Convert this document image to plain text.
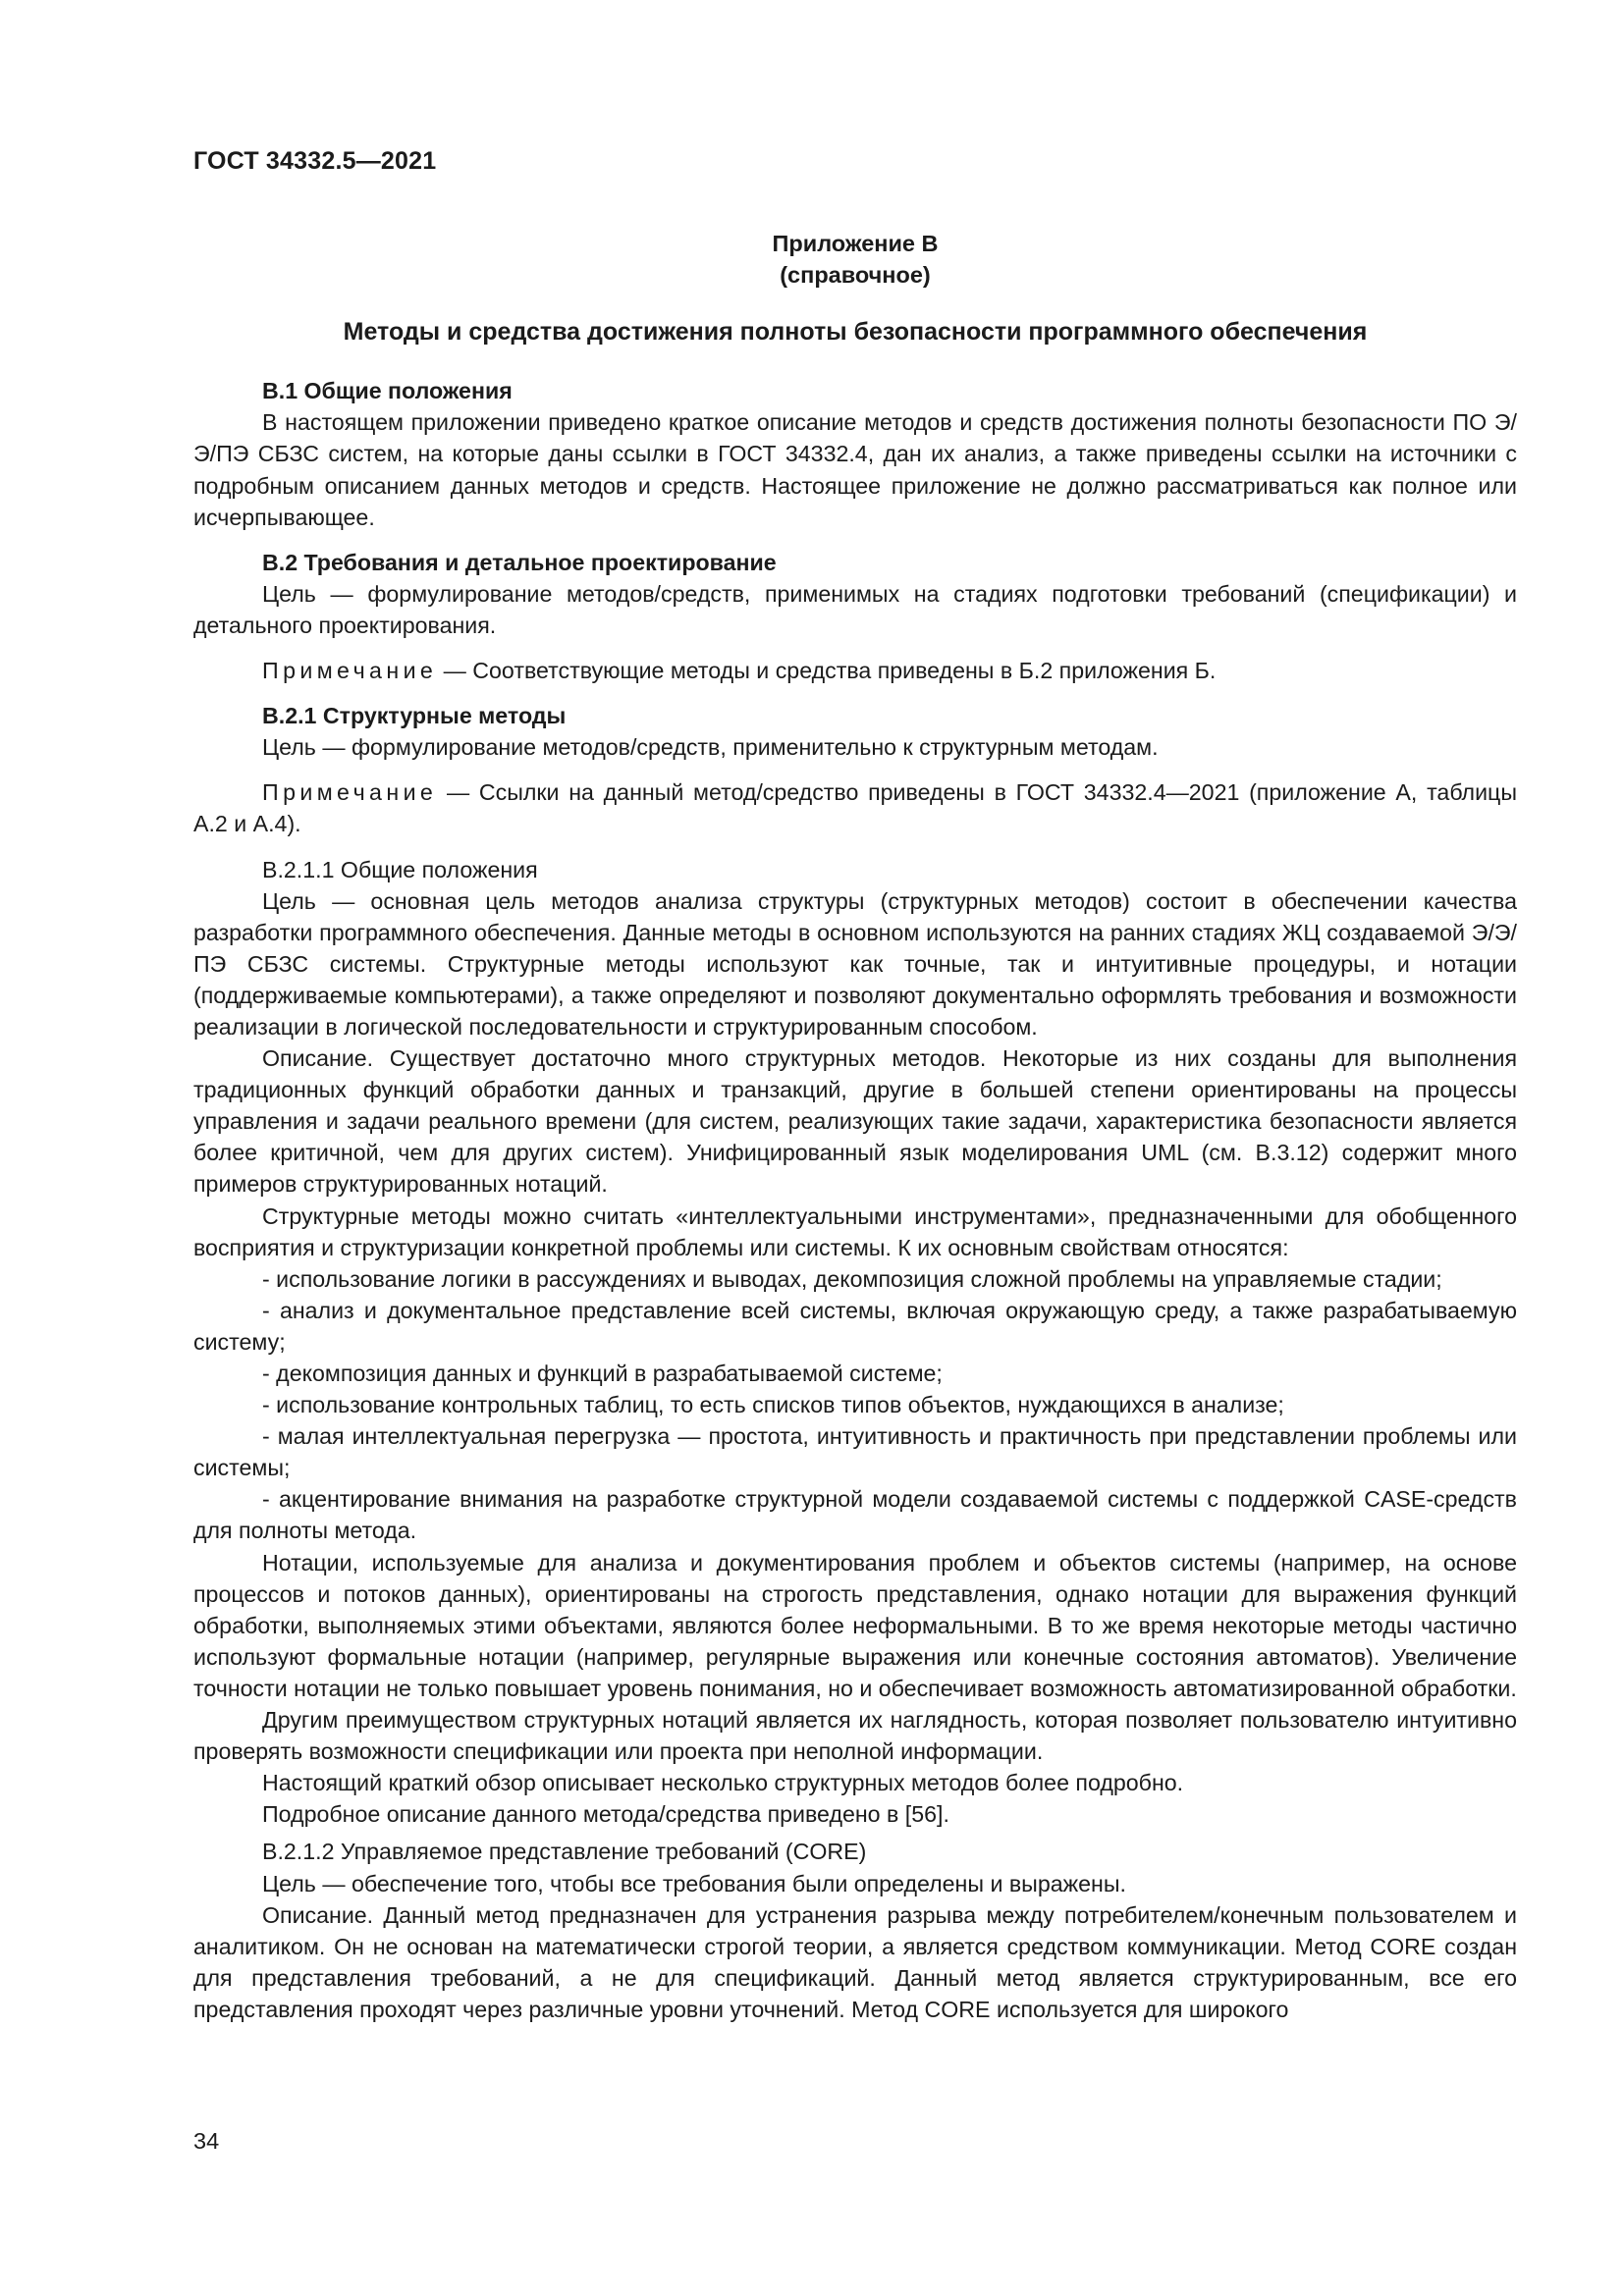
ГОСТ 34332.5—2021
Приложение В
(справочное)
Методы и средства достижения полноты безопасности программного обеспечения
В.1 Общие положения

В настоящем приложении приведено краткое описание методов и средств достижения полноты безопасности ПО Э/Э/ПЭ СБЗС систем, на которые даны ссылки в ГОСТ 34332.4, дан их анализ, а также приведены ссылки на источники с подробным описанием данных методов и средств. Настоящее приложение не должно рассматриваться как полное или исчерпывающее.

В.2 Требования и детальное проектирование

Цель — формулирование методов/средств, применимых на стадиях подготовки требований (спецификации) и детального проектирования.

Примечание — Соответствующие методы и средства приведены в Б.2 приложения Б.

В.2.1 Структурные методы

Цель — формулирование методов/средств, применительно к структурным методам.

Примечание — Ссылки на данный метод/средство приведены в ГОСТ 34332.4—2021 (приложение А, таблицы А.2 и А.4).

В.2.1.1 Общие положения

Цель — основная цель методов анализа структуры (структурных методов) состоит в обеспечении качества разработки программного обеспечения. Данные методы в основном используются на ранних стадиях ЖЦ создаваемой Э/Э/ПЭ СБЗС системы. Структурные методы используют как точные, так и интуитивные процедуры, и нотации (поддерживаемые компьютерами), а также определяют и позволяют документально оформлять требования и возможности реализации в логической последовательности и структурированным способом.

Описание. Существует достаточно много структурных методов. Некоторые из них созданы для выполнения традиционных функций обработки данных и транзакций, другие в большей степени ориентированы на процессы управления и задачи реального времени (для систем, реализующих такие задачи, характеристика безопасности является более критичной, чем для других систем). Унифицированный язык моделирования UML (см. В.3.12) содержит много примеров структурированных нотаций.

Структурные методы можно считать «интеллектуальными инструментами», предназначенными для обобщенного восприятия и структуризации конкретной проблемы или системы. К их основным свойствам относятся:

- использование логики в рассуждениях и выводах, декомпозиция сложной проблемы на управляемые стадии;

- анализ и документальное представление всей системы, включая окружающую среду, а также разрабатываемую систему;

- декомпозиция данных и функций в разрабатываемой системе;

- использование контрольных таблиц, то есть списков типов объектов, нуждающихся в анализе;

- малая интеллектуальная перегрузка — простота, интуитивность и практичность при представлении проблемы или системы;

- акцентирование внимания на разработке структурной модели создаваемой системы с поддержкой CASE-средств для полноты метода.

Нотации, используемые для анализа и документирования проблем и объектов системы (например, на основе процессов и потоков данных), ориентированы на строгость представления, однако нотации для выражения функций обработки, выполняемых этими объектами, являются более неформальными. В то же время некоторые методы частично используют формальные нотации (например, регулярные выражения или конечные состояния автоматов). Увеличение точности нотации не только повышает уровень понимания, но и обеспечивает возможность автоматизированной обработки.

Другим преимуществом структурных нотаций является их наглядность, которая позволяет пользователю интуитивно проверять возможности спецификации или проекта при неполной информации.

Настоящий краткий обзор описывает несколько структурных методов более подробно.

Подробное описание данного метода/средства приведено в [56].

В.2.1.2 Управляемое представление требований (CORE)

Цель — обеспечение того, чтобы все требования были определены и выражены.

Описание. Данный метод предназначен для устранения разрыва между потребителем/конечным пользователем и аналитиком. Он не основан на математически строгой теории, а является средством коммуникации. Метод CORE создан для представления требований, а не для спецификаций. Данный метод является структурированным, все его представления проходят через различные уровни уточнений. Метод CORE используется для широкого

34
